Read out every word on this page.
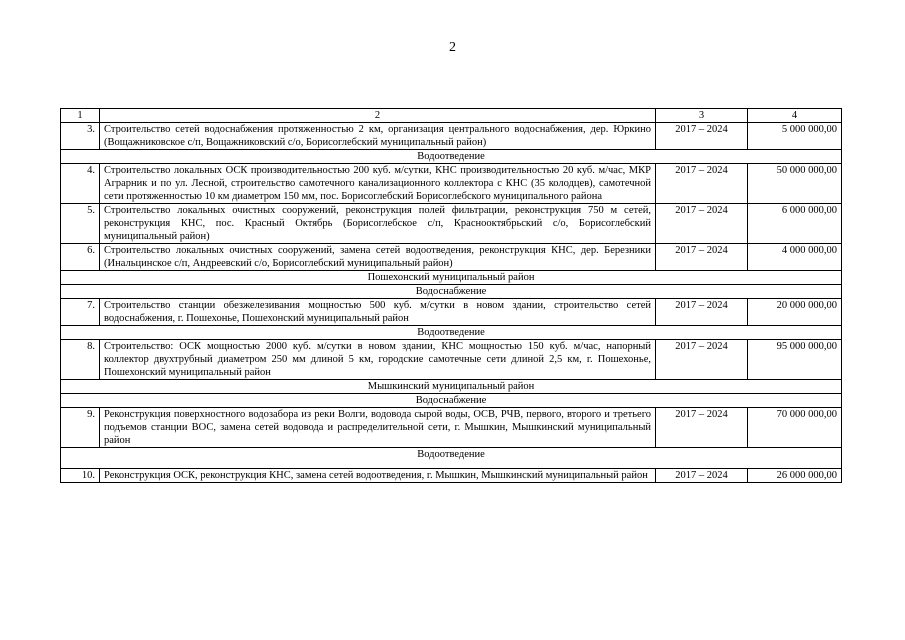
2
1	2	3	4
3.	Строительство сетей водоснабжения протяженностью 2 км, организация центрального водоснабжения, дер. Юркино (Вощажниковское с/п, Вощажниковский с/о, Борисоглебский муниципальный район)	2017 – 2024	5 000 000,00
Водоотведение			
4.	Строительство локальных ОСК производительностью 200 куб. м/сутки, КНС производительностью 20 куб. м/час, МКР Аграрник и по ул. Лесной, строительство самотечного канализационного коллектора с КНС (35 колодцев), самотечной сети протяженностью 10 км диаметром 150 мм, пос. Борисоглебский Борисоглебского муниципального района	2017 – 2024	50 000 000,00
5.	Строительство локальных очистных сооружений, реконструкция полей фильтрации, реконструкция 750 м сетей, реконструкция КНС, пос. Красный Октябрь (Борисоглебское с/п, Краснооктябрьский с/о, Борисоглебский муниципальный район)	2017 – 2024	6 000 000,00
6.	Строительство локальных очистных сооружений, замена сетей водоотведения, реконструкция КНС, дер. Березники (Инальцинское с/п, Андреевский с/о, Борисоглебский муниципальный район)	2017 – 2024	4 000 000,00
Пошехонский муниципальный район			
Водоснабжение			
7.	Строительство станции обезжелезивания мощностью 500 куб. м/сутки в новом здании, строительство сетей водоснабжения, г. Пошехонье, Пошехонский муниципальный район	2017 – 2024	20 000 000,00
Водоотведение			
8.	Строительство: ОСК мощностью 2000 куб. м/сутки в новом здании, КНС мощностью 150 куб. м/час, напорный коллектор двухтрубный диаметром 250 мм длиной 5 км, городские самотечные сети длиной 2,5 км, г. Пошехонье, Пошехонский муниципальный район	2017 – 2024	95 000 000,00
Мышкинский муниципальный район			
Водоснабжение			
9.	Реконструкция поверхностного водозабора из реки Волги, водовода сырой воды, ОСВ, РЧВ, первого, второго и третьего подъемов станции ВОС, замена сетей водовода и распределительной сети, г. Мышкин, Мышкинский муниципальный район	2017 – 2024	70 000 000,00
Водоотведение			
10.	Реконструкция ОСК, реконструкция КНС, замена сетей водоотведения, г. Мышкин, Мышкинский муниципальный район	2017 – 2024	26 000 000,00
